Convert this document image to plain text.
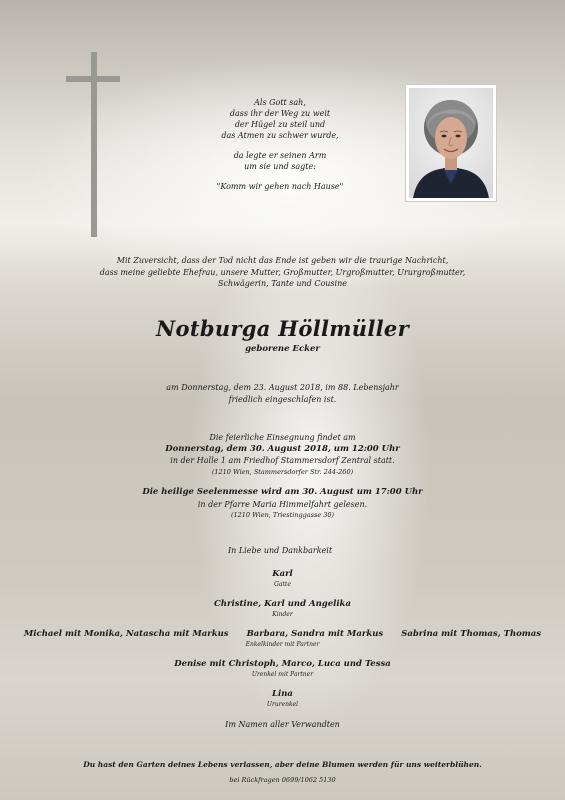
Als Gott sah,
dass ihr der Weg zu weit
der Hügel zu steil und
das Atmen zu schwer wurde,
da legte er seinen Arm
um sie und sagte:
"Komm wir gehen nach Hause"
Mit Zuversicht, dass der Tod nicht das Ende ist geben wir die traurige Nachricht,
dass meine geliebte Ehefrau, unsere Mutter, Großmutter, Urgroßmutter, Ururgroßmutter,
Schwägerin, Tante und Cousine
Notburga Höllmüller
geborene Ecker
am Donnerstag, dem 23. August 2018, im 88. Lebensjahr
friedlich eingeschlafen ist.
Die feierliche Einsegnung findet am
Donnerstag, dem 30. August 2018, um 12:00 Uhr
in der Halle 1 am Friedhof Stammersdorf Zentral statt.
(1210 Wien, Stammersdorfer Str. 244-260)
Die heilige Seelenmesse wird am 30. August um 17:00 Uhr
in der Pfarre Maria Himmelfahrt gelesen.
(1210 Wien, Triestinggasse 30)
In Liebe und Dankbarkeit
Karl
Gatte
Christine, Karl und Angelika
Kinder
Michael mit Monika, Natascha mit Markus Barbara, Sandra mit Markus Sabrina mit Thomas, Thomas
Enkelkinder mit Partner
Denise mit Christoph, Marco, Luca und Tessa
Urenkel mit Partner
Lina
Ururenkel
Im Namen aller Verwandten
Du hast den Garten deines Lebens verlassen, aber deine Blumen werden für uns weiterblühen.
bei Rückfragen 0699/1062 5130
